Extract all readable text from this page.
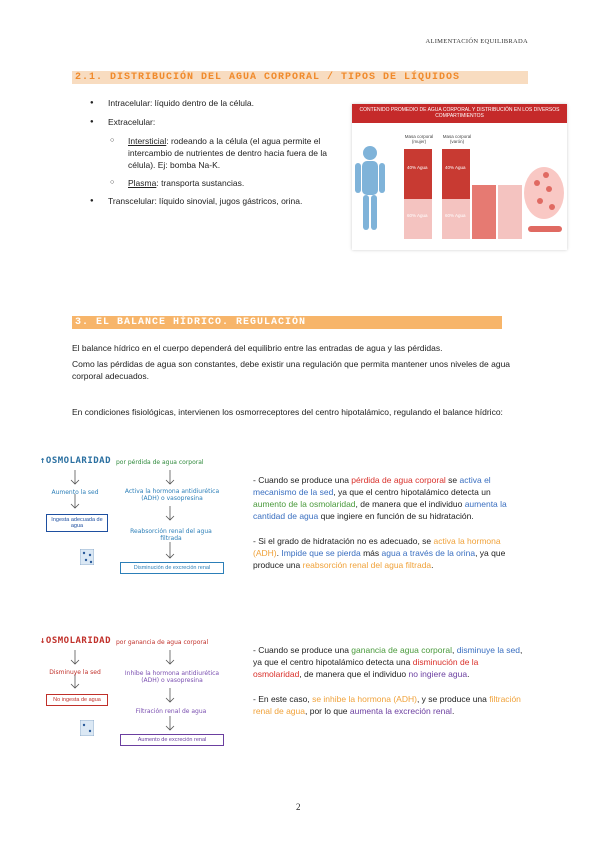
ALIMENTACIÓN EQUILIBRADA
2.1. DISTRIBUCIÓN DEL AGUA CORPORAL / TIPOS DE LÍQUIDOS
● Intracelular: líquido dentro de la célula.
● Extracelular:
○ Intersticial: rodeando a la célula (el agua permite el intercambio de nutrientes de dentro hacia fuera de la célula). Ej: bomba Na-K.
○ Plasma: transporta sustancias.
● Transcelular: líquido sinovial, jugos gástricos, orina.
CONTENIDO PROMEDIO DE AGUA CORPORAL Y DISTRIBUCIÓN EN LOS DIVERSOS COMPARTIMIENTOS
Masa corporal (mujer)
Masa corporal (varón)
40% Agua	40% Agua
60% Agua	60% Agua
3. EL BALANCE HÍDRICO. REGULACIÓN
El balance hídrico en el cuerpo dependerá del equilibrio entre las entradas de agua y las pérdidas.
Como las pérdidas de agua son constantes, debe existir una regulación que permita mantener unos niveles de agua corporal adecuados.
En condiciones fisiológicas, intervienen los osmorreceptores del centro hipotalámico, regulando el balance hídrico:
↑OSMOLARIDAD por pérdida de agua corporal
Aumento la sed
Ingesta adecuada de agua
Activa la hormona antidiurética (ADH) o vasopresina
Reabsorción renal del agua filtrada
Disminución de excreción renal
- Cuando se produce una pérdida de agua corporal se activa el mecanismo de la sed, ya que el centro hipotalámico detecta un aumento de la osmolaridad, de manera que el individuo aumenta la cantidad de agua que ingiere en función de su hidratación.
- Si el grado de hidratación no es adecuado, se activa la hormona (ADH). Impide que se pierda más agua a través de la orina, ya que produce una reabsorción renal del agua filtrada.
↓OSMOLARIDAD por ganancia de agua corporal
Disminuye la sed
No ingesta de agua
Inhibe la hormona antidiurética (ADH) o vasopresina
Filtración renal de agua
Aumento de excreción renal
- Cuando se produce una ganancia de agua corporal, disminuye la sed, ya que el centro hipotalámico detecta una disminución de la osmolaridad, de manera que el individuo no ingiere agua.
- En este caso, se inhibe la hormona (ADH), y se produce una filtración renal de agua, por lo que aumenta la excreción renal.
2
